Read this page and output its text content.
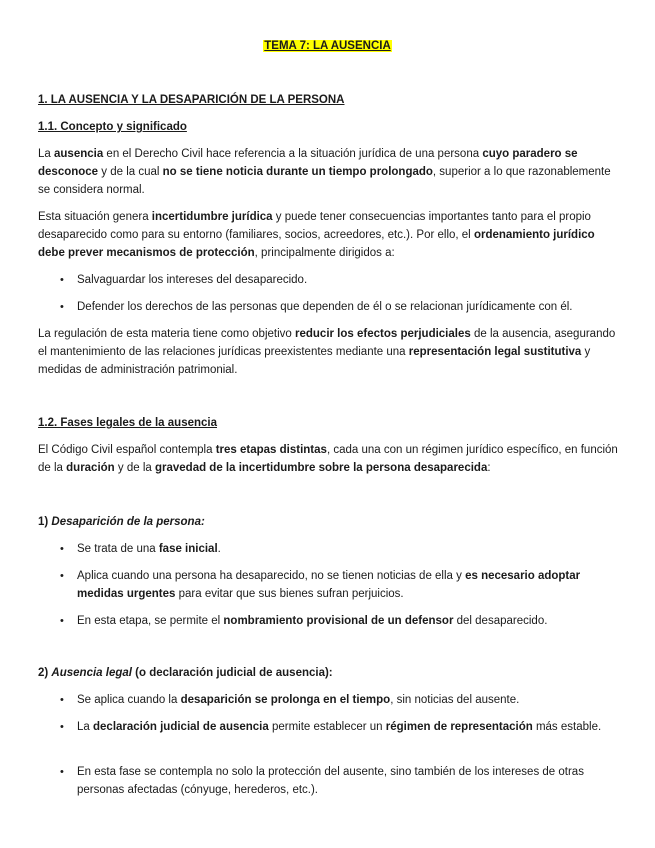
TEMA 7: LA AUSENCIA
1. LA AUSENCIA Y LA DESAPARICIÓN DE LA PERSONA
1.1. Concepto y significado
La ausencia en el Derecho Civil hace referencia a la situación jurídica de una persona cuyo paradero se desconoce y de la cual no se tiene noticia durante un tiempo prolongado, superior a lo que razonablemente se considera normal.
Esta situación genera incertidumbre jurídica y puede tener consecuencias importantes tanto para el propio desaparecido como para su entorno (familiares, socios, acreedores, etc.). Por ello, el ordenamiento jurídico debe prever mecanismos de protección, principalmente dirigidos a:
• Salvaguardar los intereses del desaparecido.
• Defender los derechos de las personas que dependen de él o se relacionan jurídicamente con él.
La regulación de esta materia tiene como objetivo reducir los efectos perjudiciales de la ausencia, asegurando el mantenimiento de las relaciones jurídicas preexistentes mediante una representación legal sustitutiva y medidas de administración patrimonial.
1.2. Fases legales de la ausencia
El Código Civil español contempla tres etapas distintas, cada una con un régimen jurídico específico, en función de la duración y de la gravedad de la incertidumbre sobre la persona desaparecida:
1) Desaparición de la persona:
• Se trata de una fase inicial.
• Aplica cuando una persona ha desaparecido, no se tienen noticias de ella y es necesario adoptar medidas urgentes para evitar que sus bienes sufran perjuicios.
• En esta etapa, se permite el nombramiento provisional de un defensor del desaparecido.
2) Ausencia legal (o declaración judicial de ausencia):
• Se aplica cuando la desaparición se prolonga en el tiempo, sin noticias del ausente.
• La declaración judicial de ausencia permite establecer un régimen de representación más estable.
• En esta fase se contempla no solo la protección del ausente, sino también de los intereses de otras personas afectadas (cónyuge, herederos, etc.).
